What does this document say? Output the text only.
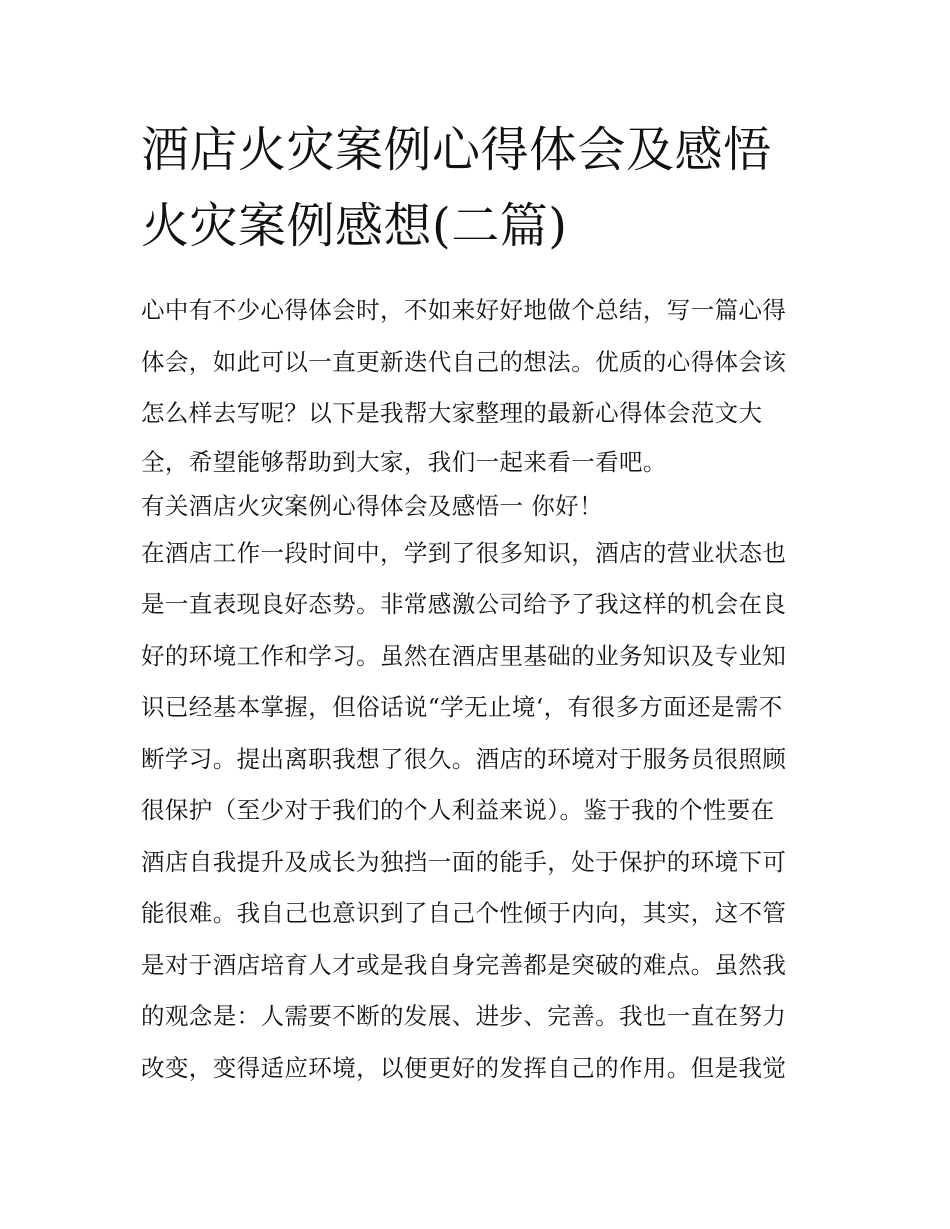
酒店火灾案例心得体会及感悟
火灾案例感想(二篇)
心中有不少心得体会时，不如来好好地做个总结，写一篇心得
体会，如此可以一直更新迭代自己的想法。优质的心得体会该
怎么样去写呢？以下是我帮大家整理的最新心得体会范文大
全，希望能够帮助到大家，我们一起来看一看吧。
有关酒店火灾案例心得体会及感悟一 你好！
在酒店工作一段时间中，学到了很多知识，酒店的营业状态也
是一直表现良好态势。非常感激公司给予了我这样的机会在良
好的环境工作和学习。虽然在酒店里基础的业务知识及专业知
识已经基本掌握，但俗话说“学无止境‘，有很多方面还是需不
断学习。提出离职我想了很久。酒店的环境对于服务员很照顾
很保护（至少对于我们的个人利益来说）。鉴于我的个性要在
酒店自我提升及成长为独挡一面的能手，处于保护的环境下可
能很难。我自己也意识到了自己个性倾于内向，其实，这不管
是对于酒店培育人才或是我自身完善都是突破的难点。虽然我
的观念是：人需要不断的发展、进步、完善。我也一直在努力
改变，变得适应环境，以便更好的发挥自己的作用。但是我觉
